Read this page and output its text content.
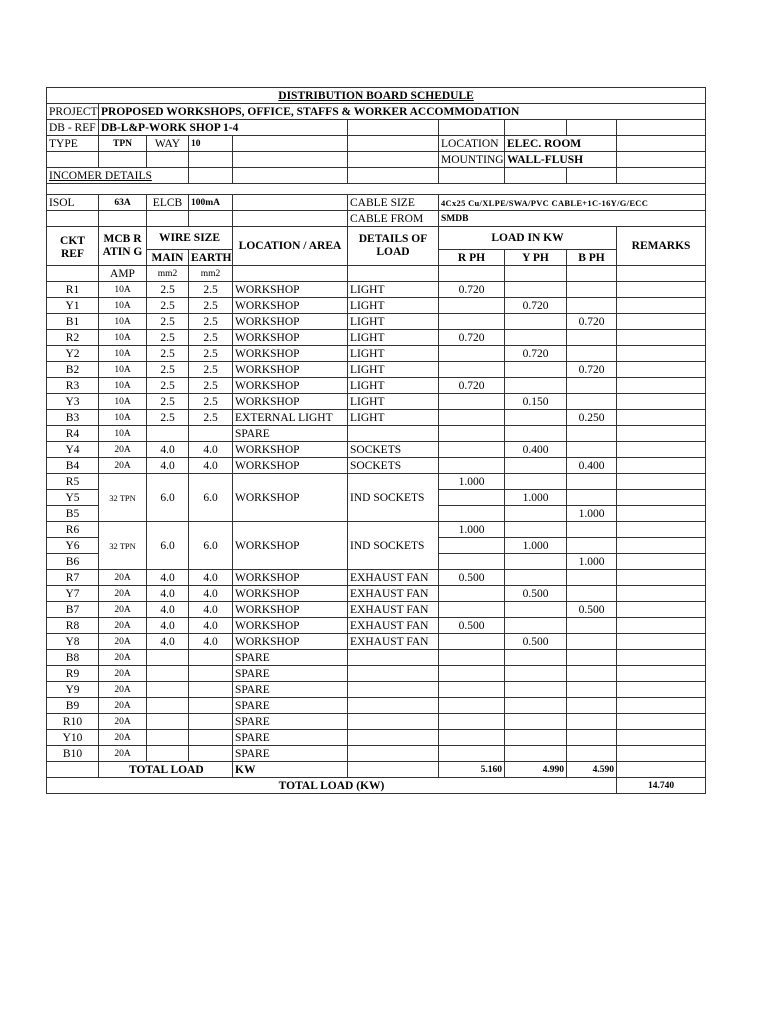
DISTRIBUTION BOARD SCHEDULE									
PROJECT	PROPOSED WORKSHOPS, OFFICE, STAFFS & WORKER ACCOMMODATION								
DB - REF	DB-L&P-WORK SHOP 1-4								
TYPE	TPN	WAY	10			LOCATION	ELEC. ROOM		
						MOUNTING	WALL-FLUSH		
INCOMER DETAILS									

ISOL	63A	ELCB	100mA		CABLE SIZE	4Cx25 Cu/XLPE/SWA/PVC CABLE+1C-16Y/G/ECC			
					CABLE FROM	SMDB			

CKT REF	MCB RATIN G	WIRE SIZE		LOCATION / AREA	DETAILS OF LOAD	LOAD IN KW			REMARKS
		MAIN	EARTH			R PH	Y PH	B PH	
	AMP	mm2	mm2						
R1	10A	2.5	2.5	WORKSHOP	LIGHT	0.720			
Y1	10A	2.5	2.5	WORKSHOP	LIGHT		0.720		
B1	10A	2.5	2.5	WORKSHOP	LIGHT			0.720	
R2	10A	2.5	2.5	WORKSHOP	LIGHT	0.720			
Y2	10A	2.5	2.5	WORKSHOP	LIGHT		0.720		
B2	10A	2.5	2.5	WORKSHOP	LIGHT			0.720	
R3	10A	2.5	2.5	WORKSHOP	LIGHT	0.720			
Y3	10A	2.5	2.5	WORKSHOP	LIGHT		0.150		
B3	10A	2.5	2.5	EXTERNAL LIGHT	LIGHT			0.250	
R4	10A			SPARE					
Y4	20A	4.0	4.0	WORKSHOP	SOCKETS		0.400		
B4	20A	4.0	4.0	WORKSHOP	SOCKETS			0.400	
R5	32 TPN	6.0	6.0	WORKSHOP	IND SOCKETS	1.000			
Y5							1.000		
B5								1.000	
R6	32 TPN	6.0	6.0	WORKSHOP	IND SOCKETS	1.000			
Y6							1.000		
B6								1.000	
R7	20A	4.0	4.0	WORKSHOP	EXHAUST FAN	0.500			
Y7	20A	4.0	4.0	WORKSHOP	EXHAUST FAN		0.500		
B7	20A	4.0	4.0	WORKSHOP	EXHAUST FAN			0.500	
R8	20A	4.0	4.0	WORKSHOP	EXHAUST FAN	0.500			
Y8	20A	4.0	4.0	WORKSHOP	EXHAUST FAN		0.500		
B8	20A			SPARE					
R9	20A			SPARE					
Y9	20A			SPARE					
B9	20A			SPARE					
R10	20A			SPARE					
Y10	20A			SPARE					
B10	20A			SPARE					
	TOTAL LOAD			KW		5.160	4.990	4.590	
TOTAL LOAD (KW)									14.740
